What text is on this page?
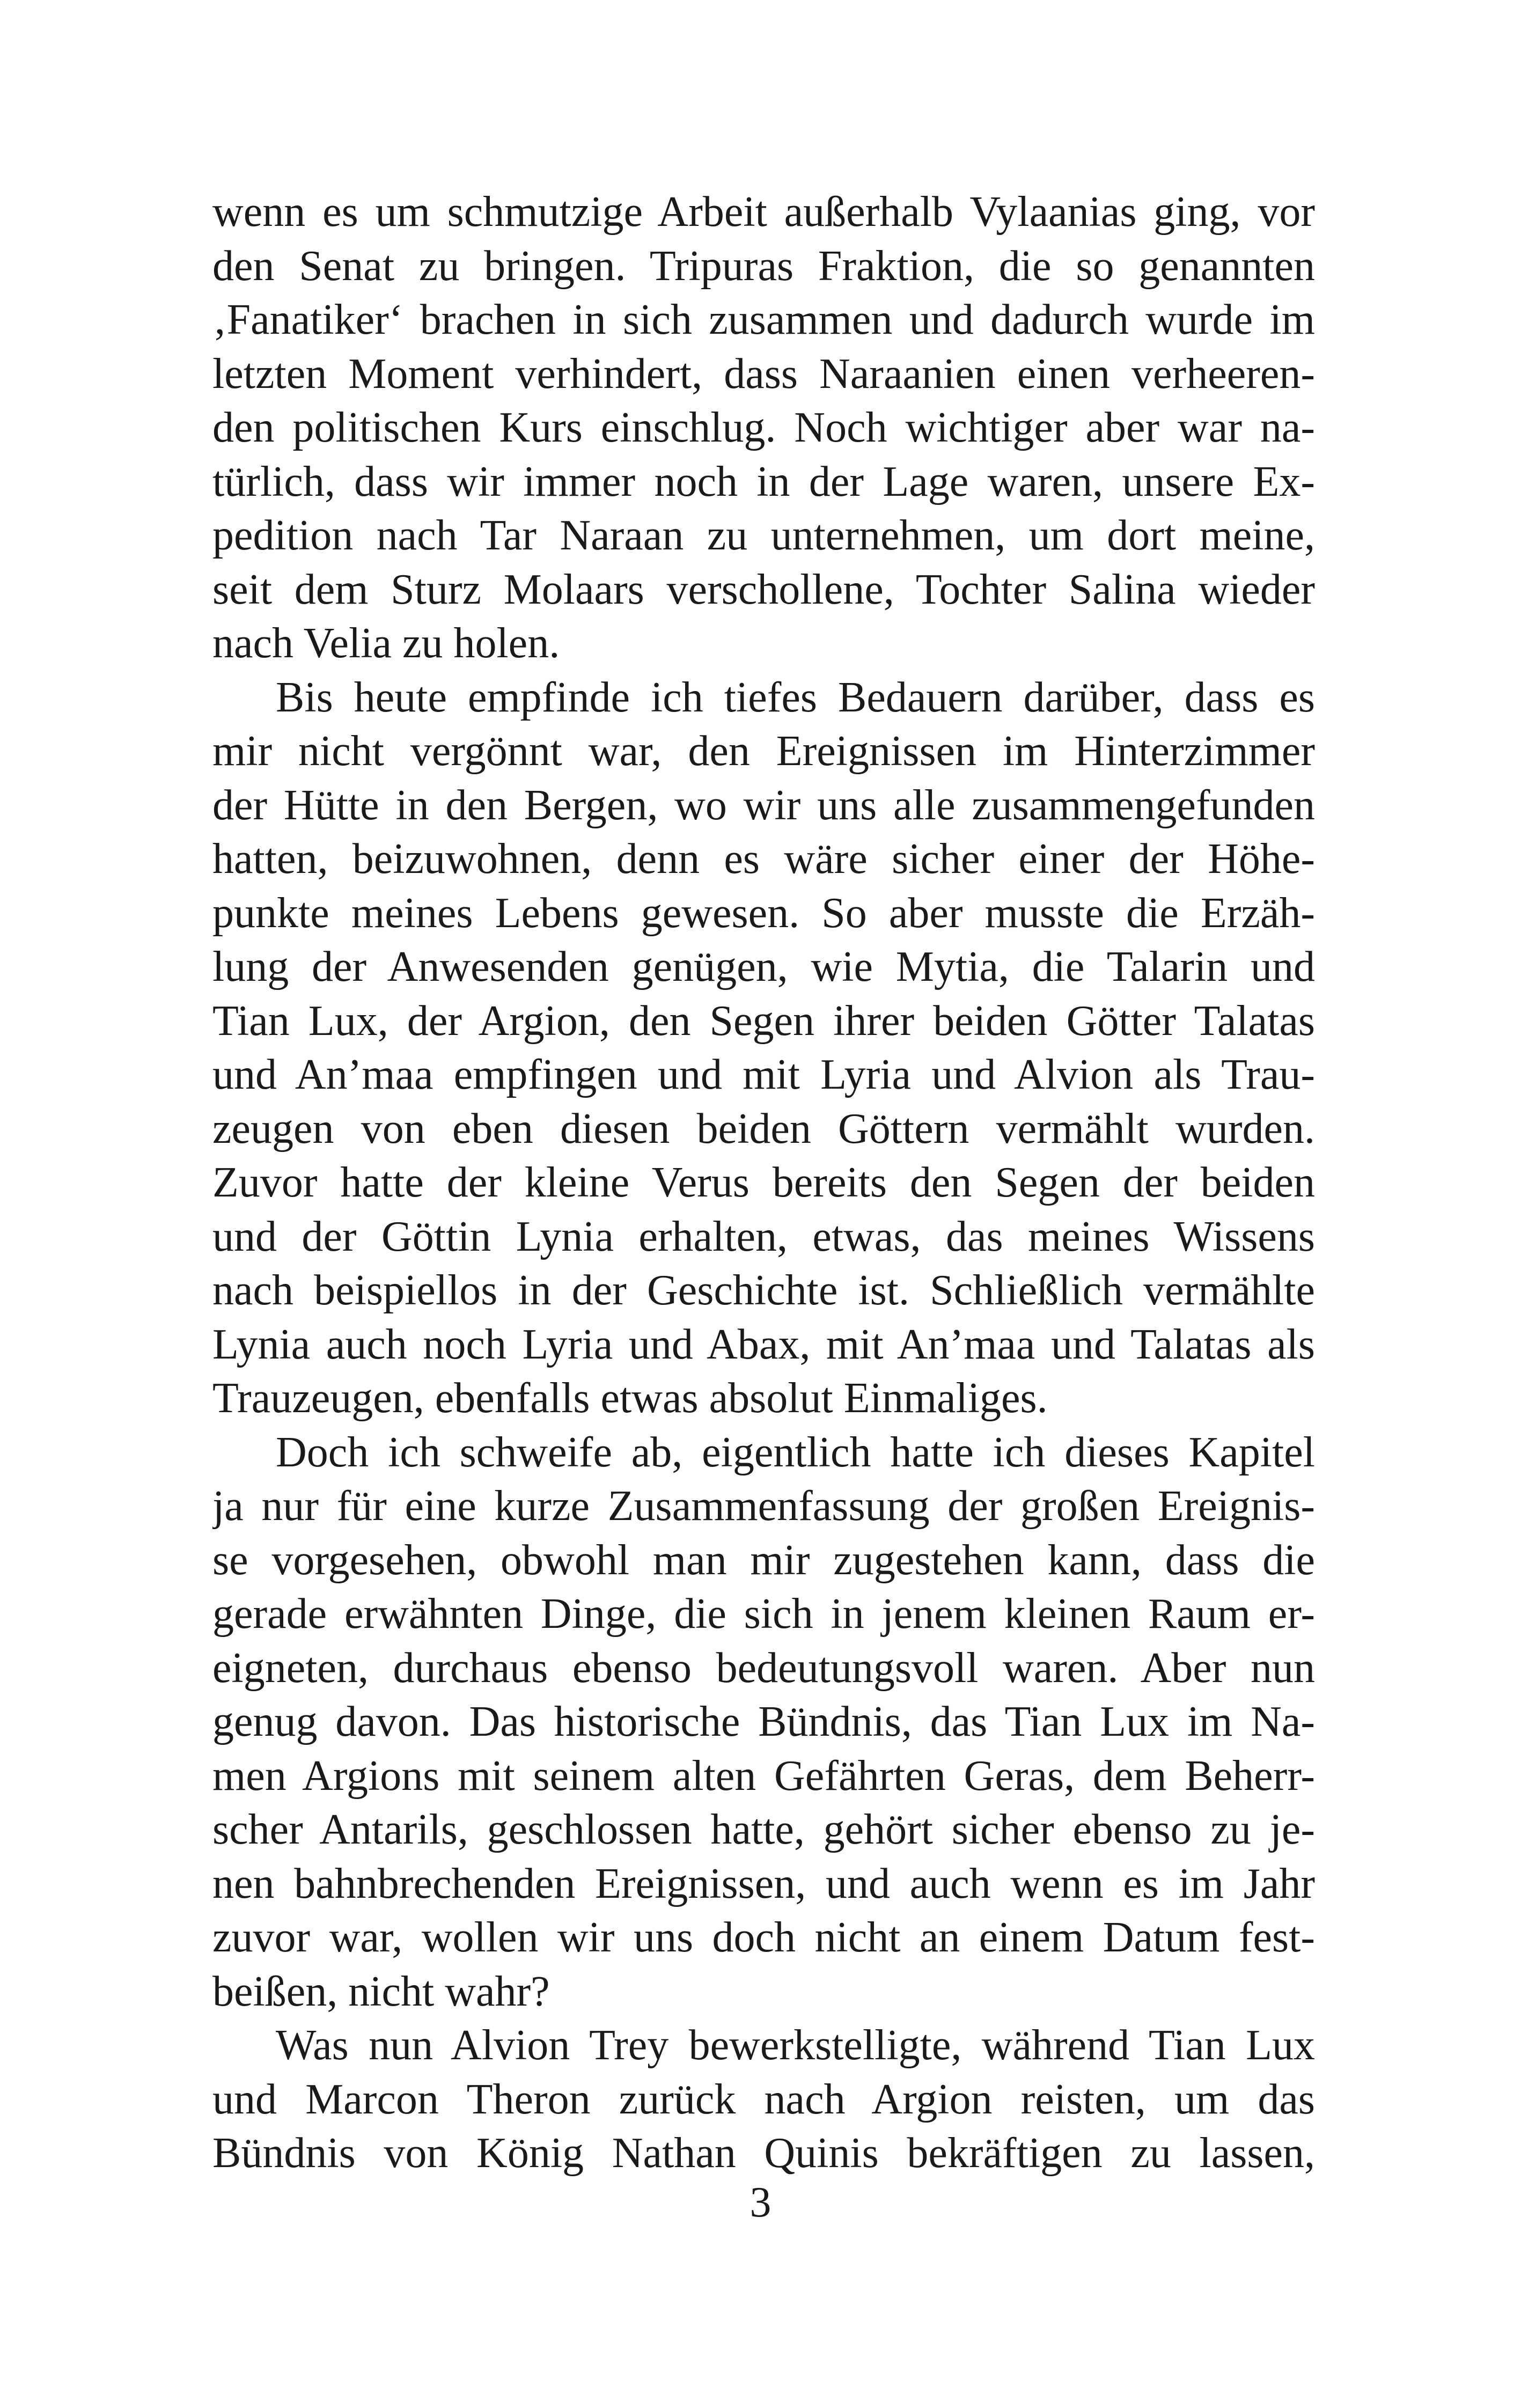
wenn es um schmutzige Arbeit außerhalb Vylaanias ging, vor
den Senat zu bringen. Tripuras Fraktion, die so genannten
‚Fanatiker‘ brachen in sich zusammen und dadurch wurde im
letzten Moment verhindert, dass Naraanien einen verheeren-
den politischen Kurs einschlug. Noch wichtiger aber war na-
türlich, dass wir immer noch in der Lage waren, unsere Ex-
pedition nach Tar Naraan zu unternehmen, um dort meine,
seit dem Sturz Molaars verschollene, Tochter Salina wieder
nach Velia zu holen.
Bis heute empfinde ich tiefes Bedauern darüber, dass es
mir nicht vergönnt war, den Ereignissen im Hinterzimmer
der Hütte in den Bergen, wo wir uns alle zusammengefunden
hatten, beizuwohnen, denn es wäre sicher einer der Höhe-
punkte meines Lebens gewesen. So aber musste die Erzäh-
lung der Anwesenden genügen, wie Mytia, die Talarin und
Tian Lux, der Argion, den Segen ihrer beiden Götter Talatas
und An’maa empfingen und mit Lyria und Alvion als Trau-
zeugen von eben diesen beiden Göttern vermählt wurden.
Zuvor hatte der kleine Verus bereits den Segen der beiden
und der Göttin Lynia erhalten, etwas, das meines Wissens
nach beispiellos in der Geschichte ist. Schließlich vermählte
Lynia auch noch Lyria und Abax, mit An’maa und Talatas als
Trauzeugen, ebenfalls etwas absolut Einmaliges.
Doch ich schweife ab, eigentlich hatte ich dieses Kapitel
ja nur für eine kurze Zusammenfassung der großen Ereignis-
se vorgesehen, obwohl man mir zugestehen kann, dass die
gerade erwähnten Dinge, die sich in jenem kleinen Raum er-
eigneten, durchaus ebenso bedeutungsvoll waren. Aber nun
genug davon. Das historische Bündnis, das Tian Lux im Na-
men Argions mit seinem alten Gefährten Geras, dem Beherr-
scher Antarils, geschlossen hatte, gehört sicher ebenso zu je-
nen bahnbrechenden Ereignissen, und auch wenn es im Jahr
zuvor war, wollen wir uns doch nicht an einem Datum fest-
beißen, nicht wahr?
Was nun Alvion Trey bewerkstelligte, während Tian Lux
und Marcon Theron zurück nach Argion reisten, um das
Bündnis von König Nathan Quinis bekräftigen zu lassen,
3
